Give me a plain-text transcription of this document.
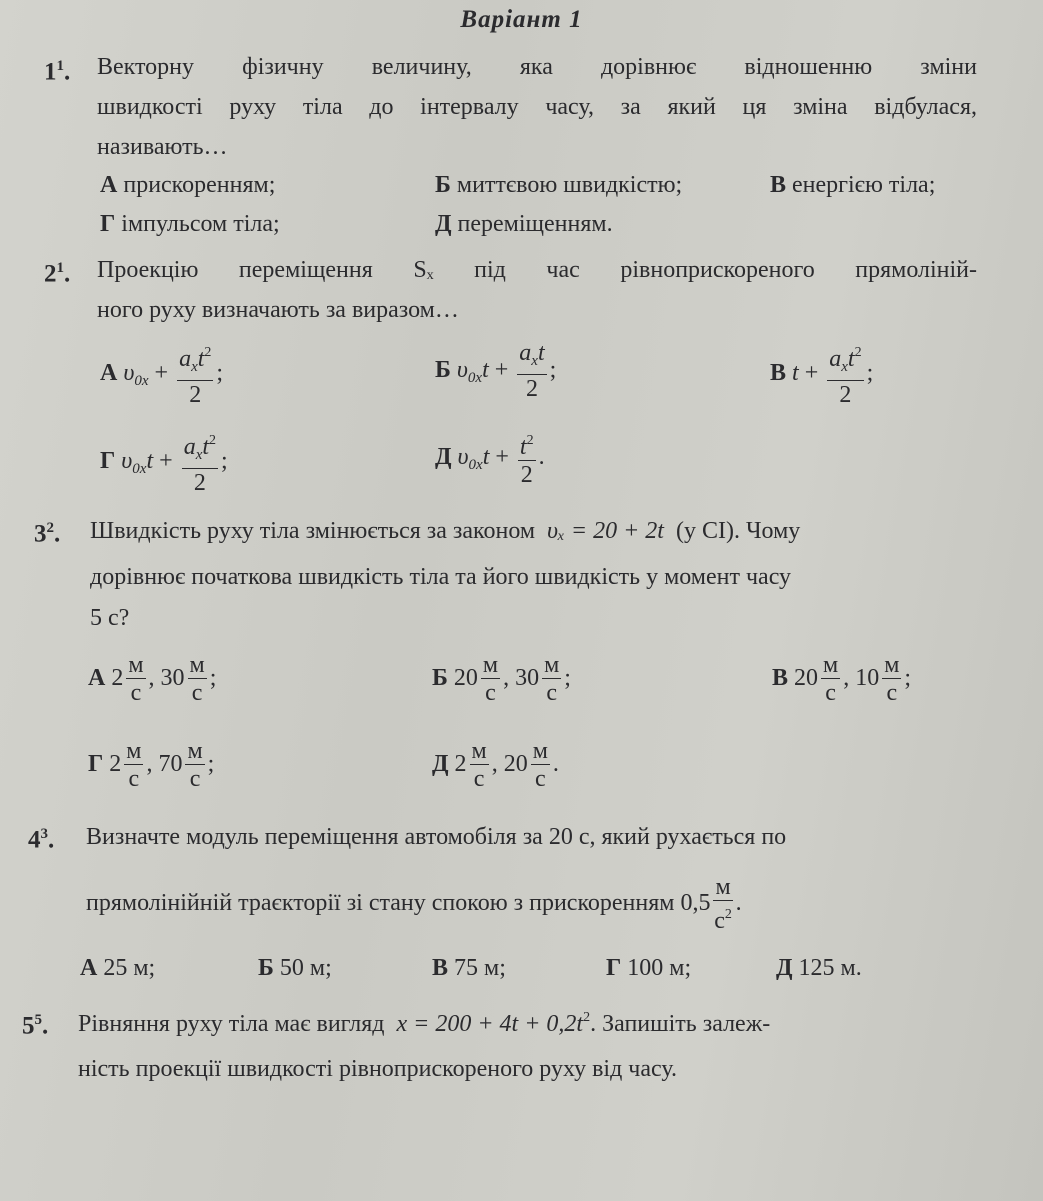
Варіант 1
$1^1$. Векторну фізичну величину, яка дорівнює відношенню зміни
швидкості руху тіла до інтервалу часу, за який ця зміна відбулася,
називають…
А прискоренням;	Б миттєвою швидкістю;	В енергією тіла;
Г імпульсом тіла;	Д переміщенням.
$2^1$. Проекцію переміщення Sₓ під час рівноприскореного прямоліній-
ного руху визначають за виразом…
А $\upsilon_{0x} + \frac{a_xt^2}{2}$ ;	Б $\upsilon_{0x}t + \frac{a_xt}{2}$ ;	В $t + \frac{a_xt^2}{2}$ ;
Г $\upsilon_{0x}t + \frac{a_xt^2}{2}$ ;	Д $\upsilon_{0x}t + \frac{t^2}{2}$ .
$3^2$. Швидкість руху тіла змінюється за законом υₓ = 20 + 2t (у СІ). Чому
дорівнює початкова швидкість тіла та його швидкість у момент часу
5 с?
А $2 \frac{м}{с}$ , $30 \frac{м}{с}$ ;	Б $20 \frac{м}{с}$ , $30 \frac{м}{с}$ ;	В $20 \frac{м}{с}$ , $10 \frac{м}{с}$ ;
Г $2 \frac{м}{с}$ , $70 \frac{м}{с}$ ;	Д $2 \frac{м}{с}$ , $20 \frac{м}{с}$ .
$4^3$. Визначте модуль переміщення автомобіля за 20 с, який рухається по
прямолінійній траєкторії зі стану спокою з прискоренням $0,5 \frac{м}{с^2}$ .
А 25 м;	Б 50 м;	В 75 м;	Г 100 м;	Д 125 м.
$5^5$. Рівняння руху тіла має вигляд $x = 200 + 4t + 0,2t^2$. Запишіть залеж-
ність проекції швидкості рівноприскореного руху від часу.
